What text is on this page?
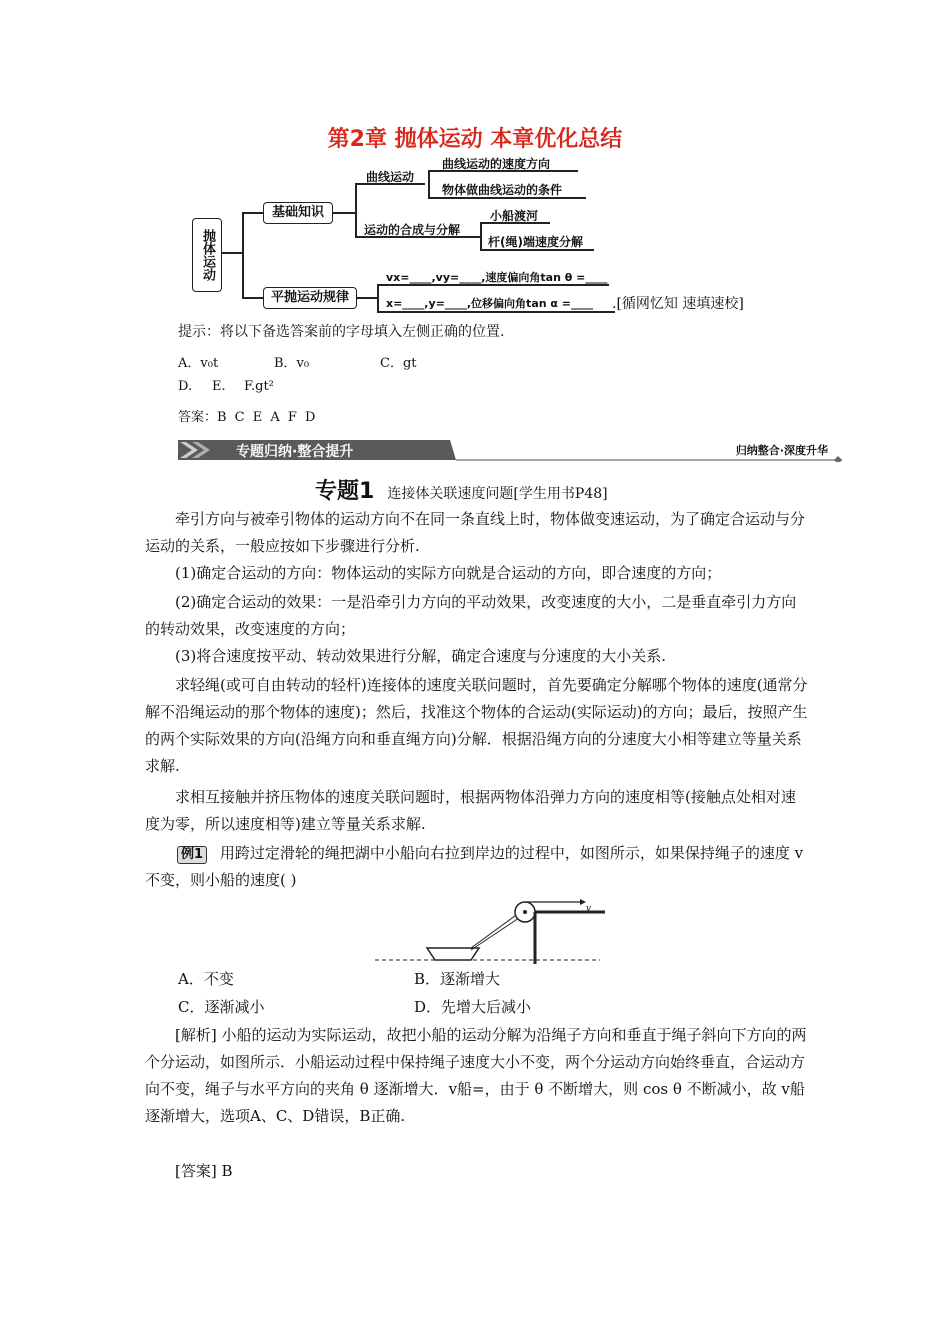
第2章 抛体运动 本章优化总结
抛体运动
基础知识
平抛运动规律
曲线运动
运动的合成与分解
曲线运动的速度方向
物体做曲线运动的条件
小船渡河
杆(绳)端速度分解
vx=____,vy=____,速度偏向角tan θ =____
x=____,y=____,位移偏向角tan α =____ .[循网忆知 速填速校]
提示：将以下备选答案前的字母填入左侧正确的位置.
A．v₀t	B．v₀	C．gt
D. E. F.gt²
答案：B C E A F D
专题归纳·整合提升	归纳整合·深度升华
专题1 连接体关联速度问题[学生用书P48]
牵引方向与被牵引物体的运动方向不在同一条直线上时，物体做变速运动，为了确定合运动与分运动的关系，一般应按如下步骤进行分析.
(1)确定合运动的方向：物体运动的实际方向就是合运动的方向，即合速度的方向；
(2)确定合运动的效果：一是沿牵引力方向的平动效果，改变速度的大小，二是垂直牵引力方向的转动效果，改变速度的方向；
(3)将合速度按平动、转动效果进行分解，确定合速度与分速度的大小关系.
求轻绳(或可自由转动的轻杆)连接体的速度关联问题时，首先要确定分解哪个物体的速度(通常分解不沿绳运动的那个物体的速度)；然后，找准这个物体的合运动(实际运动)的方向；最后，按照产生的两个实际效果的方向(沿绳方向和垂直绳方向)分解．根据沿绳方向的分速度大小相等建立等量关系求解.
求相互接触并挤压物体的速度关联问题时，根据两物体沿弹力方向的速度相等(接触点处相对速度为零，所以速度相等)建立等量关系求解.
例1 用跨过定滑轮的绳把湖中小船向右拉到岸边的过程中，如图所示，如果保持绳子的速度 v 不变，则小船的速度( )
v
A．不变	B．逐渐增大
C．逐渐减小	D．先增大后减小
[解析] 小船的运动为实际运动，故把小船的运动分解为沿绳子方向和垂直于绳子斜向下方向的两个分运动，如图所示．小船运动过程中保持绳子速度大小不变，两个分运动方向始终垂直，合运动方向不变，绳子与水平方向的夹角 θ 逐渐增大．v船=，由于 θ 不断增大，则 cos θ 不断减小，故 v船逐渐增大，选项A、C、D错误，B正确.
[答案] B
